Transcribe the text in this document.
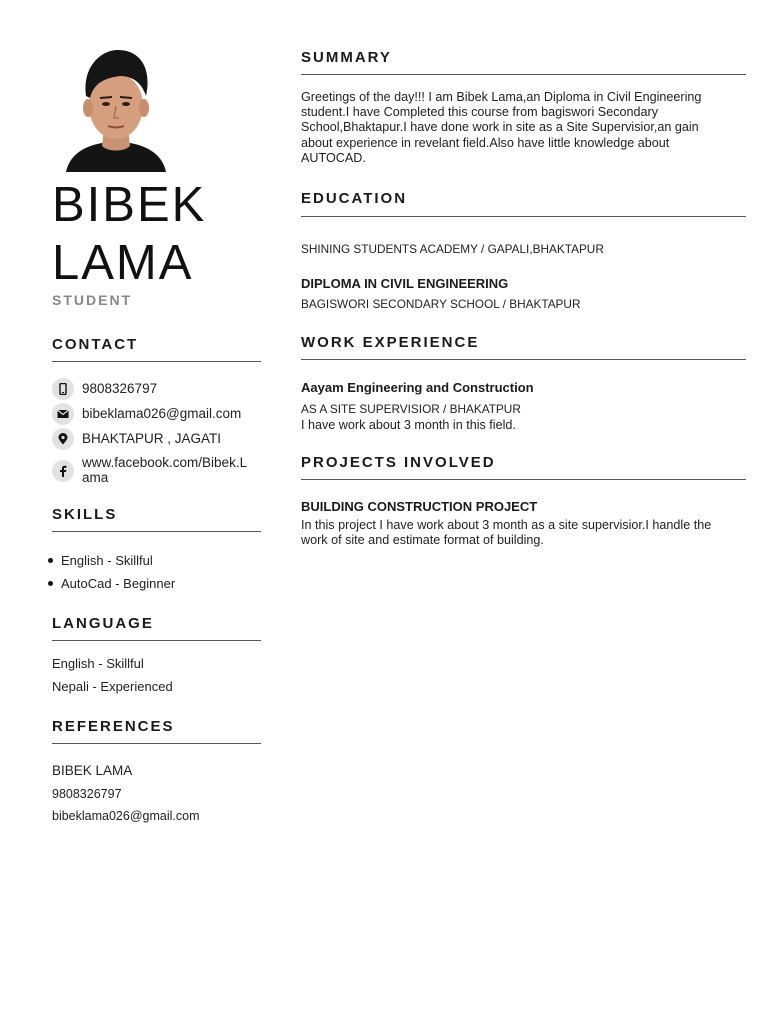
BIBEK
LAMA
STUDENT
CONTACT
9808326797
bibeklama026@gmail.com
BHAKTAPUR , JAGATI
www.facebook.com/Bibek.L
ama
SKILLS
English - Skillful
AutoCad - Beginner
LANGUAGE
English - Skillful
Nepali - Experienced
REFERENCES
BIBEK LAMA
9808326797
bibeklama026@gmail.com
SUMMARY
Greetings of the day!!! I am Bibek Lama,an Diploma in Civil Engineering student.I have Completed this course from bagiswori Secondary School,Bhaktapur.I have done work in site as a Site Supervisior,an gain about experience in revelant field.Also have little knowledge about AUTOCAD.
EDUCATION
SHINING STUDENTS ACADEMY / GAPALI,BHAKTAPUR
DIPLOMA IN CIVIL ENGINEERING
BAGISWORI SECONDARY SCHOOL / BHAKTAPUR
WORK EXPERIENCE
Aayam Engineering and Construction
AS A SITE SUPERVISIOR / BHAKATPUR
I have work about 3 month in this field.
PROJECTS INVOLVED
BUILDING CONSTRUCTION PROJECT
In this project I have work about 3 month as a site supervisior.I handle the work of site and estimate format of building.
